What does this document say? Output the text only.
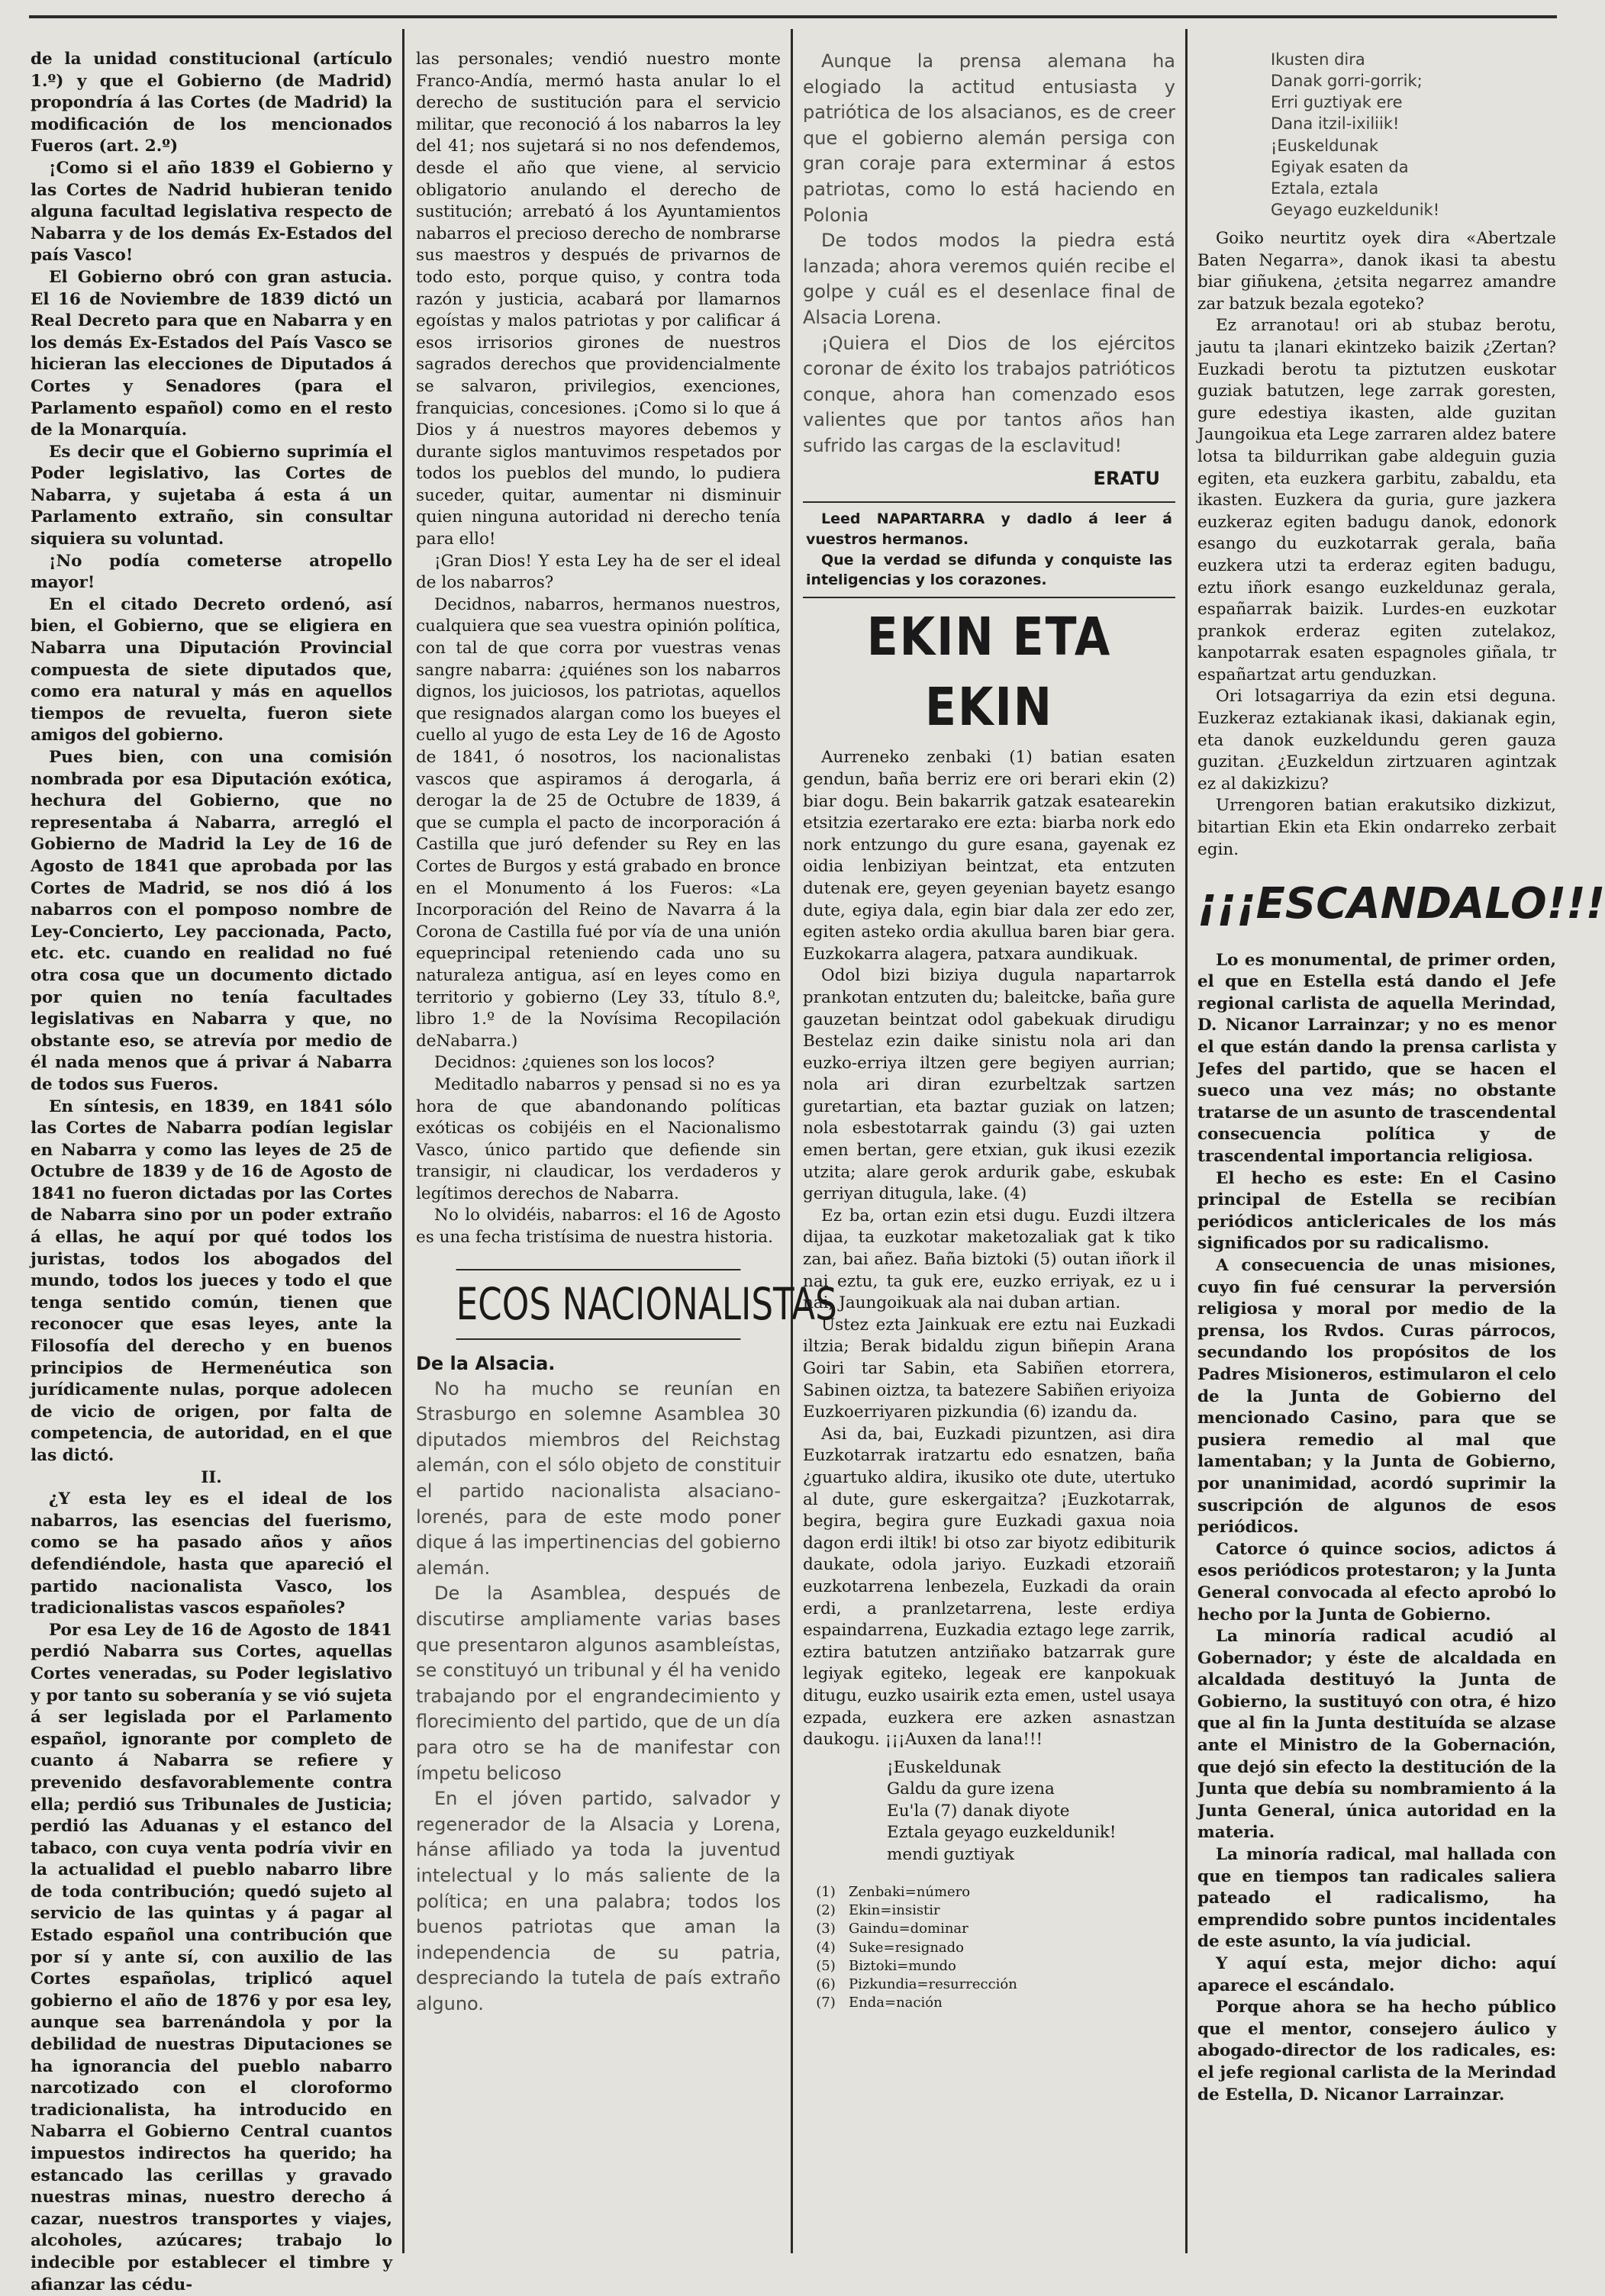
de la unidad constitucional (artículo 1.º) y que el Gobierno (de Madrid) propondría á las Cortes (de Madrid) la modificación de los mencionados Fueros (art. 2.º)

¡Como si el año 1839 el Gobierno y las Cortes de Nadrid hubieran tenido alguna facultad legislativa respecto de Nabarra y de los demás Ex-Estados del país Vasco!

El Gobierno obró con gran astucia. El 16 de Noviembre de 1839 dictó un Real Decreto para que en Nabarra y en los demás Ex-Estados del País Vasco se hicieran las elecciones de Diputados á Cortes y Senadores (para el Parlamento español) como en el resto de la Monarquía.

Es decir que el Gobierno suprimía el Poder legislativo, las Cortes de Nabarra, y sujetaba á esta á un Parlamento extraño, sin consultar siquiera su voluntad.

¡No podía cometerse atropello mayor!

En el citado Decreto ordenó, así bien, el Gobierno, que se eligiera en Nabarra una Diputación Provincial compuesta de siete diputados que, como era natural y más en aquellos tiempos de revuelta, fueron siete amigos del gobierno.

Pues bien, con una comisión nombrada por esa Diputación exótica, hechura del Gobierno, que no representaba á Nabarra, arregló el Gobierno de Madrid la Ley de 16 de Agosto de 1841 que aprobada por las Cortes de Madrid, se nos dió á los nabarros con el pomposo nombre de Ley-Concierto, Ley paccionada, Pacto, etc. etc. cuando en realidad no fué otra cosa que un documento dictado por quien no tenía facultades legislativas en Nabarra y que, no obstante eso, se atrevía por medio de él nada menos que á privar á Nabarra de todos sus Fueros.

En síntesis, en 1839, en 1841 sólo las Cortes de Nabarra podían legislar en Nabarra y como las leyes de 25 de Octubre de 1839 y de 16 de Agosto de 1841 no fueron dictadas por las Cortes de Nabarra sino por un poder extraño á ellas, he aquí por qué todos los juristas, todos los abogados del mundo, todos los jueces y todo el que tenga sentido común, tienen que reconocer que esas leyes, ante la Filosofía del derecho y en buenos principios de Hermenéutica son jurídicamente nulas, porque adolecen de vicio de origen, por falta de competencia, de autoridad, en el que las dictó.

II.

¿Y esta ley es el ideal de los nabarros, las esencias del fuerismo, como se ha pasado años y años defendiéndole, hasta que apareció el partido nacionalista Vasco, los tradicionalistas vascos españoles?

Por esa Ley de 16 de Agosto de 1841 perdió Nabarra sus Cortes, aquellas Cortes veneradas, su Poder legislativo y por tanto su soberanía y se vió sujeta á ser legislada por el Parlamento español, ignorante por completo de cuanto á Nabarra se refiere y prevenido desfavorablemente contra ella; perdió sus Tribunales de Justicia; perdió las Aduanas y el estanco del tabaco, con cuya venta podría vivir en la actualidad el pueblo nabarro libre de toda contribución; quedó sujeto al servicio de las quintas y á pagar al Estado español una contribución que por sí y ante sí, con auxilio de las Cortes españolas, triplicó aquel gobierno el año de 1876 y por esa ley, aunque sea barrenándola y por la debilidad de nuestras Diputaciones se ha ignorancia del pueblo nabarro narcotizado con el cloroformo tradicionalista, ha introducido en Nabarra el Gobierno Central cuantos impuestos indirectos ha querido; ha estancado las cerillas y gravado nuestras minas, nuestro derecho á cazar, nuestros transportes y viajes, alcoholes, azúcares; trabajo lo indecible por establecer el timbre y afianzar las cédu-

las personales; vendió nuestro monte Franco-Andía, mermó hasta anular lo el derecho de sustitución para el servicio militar, que reconoció á los nabarros la ley del 41; nos sujetará si no nos defendemos, desde el año que viene, al servicio obligatorio anulando el derecho de sustitución; arrebató á los Ayuntamientos nabarros el precioso derecho de nombrarse sus maestros y después de privarnos de todo esto, porque quiso, y contra toda razón y justicia, acabará por llamarnos egoístas y malos patriotas y por calificar á esos irrisorios girones de nuestros sagrados derechos que providencialmente se salvaron, privilegios, exenciones, franquicias, concesiones. ¡Como si lo que á Dios y á nuestros mayores debemos y durante siglos mantuvimos respetados por todos los pueblos del mundo, lo pudiera suceder, quitar, aumentar ni disminuir quien ninguna autoridad ni derecho tenía para ello!

¡Gran Dios! Y esta Ley ha de ser el ideal de los nabarros?

Decidnos, nabarros, hermanos nuestros, cualquiera que sea vuestra opinión política, con tal de que corra por vuestras venas sangre nabarra: ¿quiénes son los nabarros dignos, los juiciosos, los patriotas, aquellos que resignados alargan como los bueyes el cuello al yugo de esta Ley de 16 de Agosto de 1841, ó nosotros, los nacionalistas vascos que aspiramos á derogarla, á derogar la de 25 de Octubre de 1839, á que se cumpla el pacto de incorporación á Castilla que juró defender su Rey en las Cortes de Burgos y está grabado en bronce en el Monumento á los Fueros: «La Incorporación del Reino de Navarra á la Corona de Castilla fué por vía de una unión equeprincipal reteniendo cada uno su naturaleza antigua, así en leyes como en territorio y gobierno (Ley 33, título 8.º, libro 1.º de la Novísima Recopilación deNabarra.)

Decidnos: ¿quienes son los locos?

Meditadlo nabarros y pensad si no es ya hora de que abandonando políticas exóticas os cobijéis en el Nacionalismo Vasco, único partido que defiende sin transigir, ni claudicar, los verdaderos y legítimos derechos de Nabarra.

No lo olvidéis, nabarros: el 16 de Agosto es una fecha tristísima de nuestra historia.

ECOS NACIONALISTAS

De la Alsacia.

No ha mucho se reunían en Strasburgo en solemne Asamblea 30 diputados miembros del Reichstag alemán, con el sólo objeto de constituir el partido nacionalista alsaciano-lorenés, para de este modo poner dique á las impertinencias del gobierno alemán.

De la Asamblea, después de discutirse ampliamente varias bases que presentaron algunos asambleístas, se constituyó un tribunal y él ha venido trabajando por el engrandecimiento y florecimiento del partido, que de un día para otro se ha de manifestar con ímpetu belicoso

En el jóven partido, salvador y regenerador de la Alsacia y Lorena, hánse afiliado ya toda la juventud intelectual y lo más saliente de la política; en una palabra; todos los buenos patriotas que aman la independencia de su patria, despreciando la tutela de país extraño alguno.

Aunque la prensa alemana ha elogiado la actitud entusiasta y patriótica de los alsacianos, es de creer que el gobierno alemán persiga con gran coraje para exterminar á estos patriotas, como lo está haciendo en Polonia

De todos modos la piedra está lanzada; ahora veremos quién recibe el golpe y cuál es el desenlace final de Alsacia Lorena.

¡Quiera el Dios de los ejércitos coronar de éxito los trabajos patrióticos conque, ahora han comenzado esos valientes que por tantos años han sufrido las cargas de la esclavitud!

ERATU

Leed NAPARTARRA y dadlo á leer á vuestros hermanos.

Que la verdad se difunda y conquiste las inteligencias y los corazones.

EKIN ETA EKIN

Aurreneko zenbaki (1) batian esaten gendun, baña berriz ere ori berari ekin (2) biar dogu. Bein bakarrik gatzak esatearekin etsitzia ezertarako ere ezta: biarba nork edo nork entzungo du gure esana, gayenak ez oidia lenbiziyan beintzat, eta entzuten dutenak ere, geyen geyenian bayetz esango dute, egiya dala, egin biar dala zer edo zer, egiten asteko ordia akullua baren biar gera. Euzkokarra alagera, patxara aundikuak.

Odol bizi biziya dugula napartarrok prankotan entzuten du; baleitcke, baña gure gauzetan beintzat odol gabekuak dirudigu Bestelaz ezin daike sinistu nola ari dan euzko-erriya iltzen gere begiyen aurrian; nola ari diran ezurbeltzak sartzen guretartian, eta baztar guziak on latzen; nola esbestotarrak gaindu (3) gai uzten emen bertan, gere etxian, guk ikusi ezezik utzita; alare gerok ardurik gabe, eskubak gerriyan ditugula, lake. (4)

Ez ba, ortan ezin etsi dugu. Euzdi iltzera dijaa, ta euzkotar maketozaliak gat k tiko zan, bai añez. Baña biztoki (5) outan iñork il nai eztu, ta guk ere, euzko erriyak, ez u i nai, Jaungoikuak ala nai duban artian.

Ustez ezta Jainkuak ere eztu nai Euzkadi iltzia; Berak bidaldu zigun biñepin Arana Goiri tar Sabin, eta Sabiñen etorrera, Sabinen oiztza, ta batezere Sabiñen eriyoiza Euzkoerriyaren pizkundia (6) izandu da.

Asi da, bai, Euzkadi pizuntzen, asi dira Euzkotarrak iratzartu edo esnatzen, baña ¿guartuko aldira, ikusiko ote dute, utertuko al dute, gure eskergaitza? ¡Euzkotarrak, begira, begira gure Euzkadi gaxua noia dagon erdi iltik! bi otso zar biyotz edibiturik daukate, odola jariyo. Euzkadi etzoraiñ euzkotarrena lenbezela, Euzkadi da orain erdi, a pranlzetarrena, leste erdiya espaindarrena, Euzkadia eztago lege zarrik, eztira batutzen antziñako batzarrak gure legiyak egiteko, legeak ere kanpokuak ditugu, euzko usairik ezta emen, ustel usaya ezpada, euzkera ere azken asnastzan daukogu. ¡¡¡Auxen da lana!!!

¡Euskeldunak
Galdu da gure izena
Eu'la (7) danak diyote
Eztala geyago euzkeldunik!
mendi guztiyak
(1) Zenbaki=número
(2) Ekin=insistir
(3) Gaindu=dominar
(4) Suke=resignado
(5) Biztoki=mundo
(6) Pizkundia=resurrección
(7) Enda=nación
Ikusten dira
Danak gorri-gorrik;
Erri guztiyak ere
Dana itzil-ixiliik!
¡Euskeldunak
Egiyak esaten da
Eztala, eztala
Geyago euzkeldunik!

Goiko neurtitz oyek dira «Abertzale Baten Negarra», danok ikasi ta abestu biar giñukena, ¿etsita negarrez amandre zar batzuk bezala egoteko?

Ez arranotau! ori ab stubaz berotu, jautu ta ¡lanari ekintzeko baizik ¿Zertan? Euzkadi berotu ta piztutzen euskotar guziak batutzen, lege zarrak goresten, gure edestiya ikasten, alde guzitan Jaungoikua eta Lege zarraren aldez batere lotsa ta bildurrikan gabe aldeguin guzia egiten, eta euzkera garbitu, zabaldu, eta ikasten. Euzkera da guria, gure jazkera euzkeraz egiten badugu danok, edonork esango du euzkotarrak gerala, baña euzkera utzi ta erderaz egiten badugu, eztu iñork esango euzkeldunaz gerala, españarrak baizik. Lurdes-en euzkotar prankok erderaz egiten zutelakoz, kanpotarrak esaten espagnoles giñala, tr españartzat artu genduzkan.

Ori lotsagarriya da ezin etsi deguna. Euzkeraz eztakianak ikasi, dakianak egin, eta danok euzkeldundu geren gauza guzitan. ¿Euzkeldun zirtzuaren agintzak ez al dakizkizu?

Urrengoren batian erakutsiko dizkizut, bitartian Ekin eta Ekin ondarreko zerbait egin.

¡¡¡ESCANDALO!!!

Lo es monumental, de primer orden, el que en Estella está dando el Jefe regional carlista de aquella Merindad, D. Nicanor Larrainzar; y no es menor el que están dando la prensa carlista y Jefes del partido, que se hacen el sueco una vez más; no obstante tratarse de un asunto de trascendental consecuencia política y de trascendental importancia religiosa.

El hecho es este: En el Casino principal de Estella se recibían periódicos anticlericales de los más significados por su radicalismo.

A consecuencia de unas misiones, cuyo fin fué censurar la perversión religiosa y moral por medio de la prensa, los Rvdos. Curas párrocos, secundando los propósitos de los Padres Misioneros, estimularon el celo de la Junta de Gobierno del mencionado Casino, para que se pusiera remedio al mal que lamentaban; y la Junta de Gobierno, por unanimidad, acordó suprimir la suscripción de algunos de esos periódicos.

Catorce ó quince socios, adictos á esos periódicos protestaron; y la Junta General convocada al efecto aprobó lo hecho por la Junta de Gobierno.

La minoría radical acudió al Gobernador; y éste de alcaldada en alcaldada destituyó la Junta de Gobierno, la sustituyó con otra, é hizo que al fin la Junta destituída se alzase ante el Ministro de la Gobernación, que dejó sin efecto la destitución de la Junta que debía su nombramiento á la Junta General, única autoridad en la materia.

La minoría radical, mal hallada con que en tiempos tan radicales saliera pateado el radicalismo, ha emprendido sobre puntos incidentales de este asunto, la vía judicial.

Y aquí esta, mejor dicho: aquí aparece el escándalo.

Porque ahora se ha hecho público que el mentor, consejero áulico y abogado-director de los radicales, es: el jefe regional carlista de la Merindad de Estella, D. Nicanor Larrainzar.
